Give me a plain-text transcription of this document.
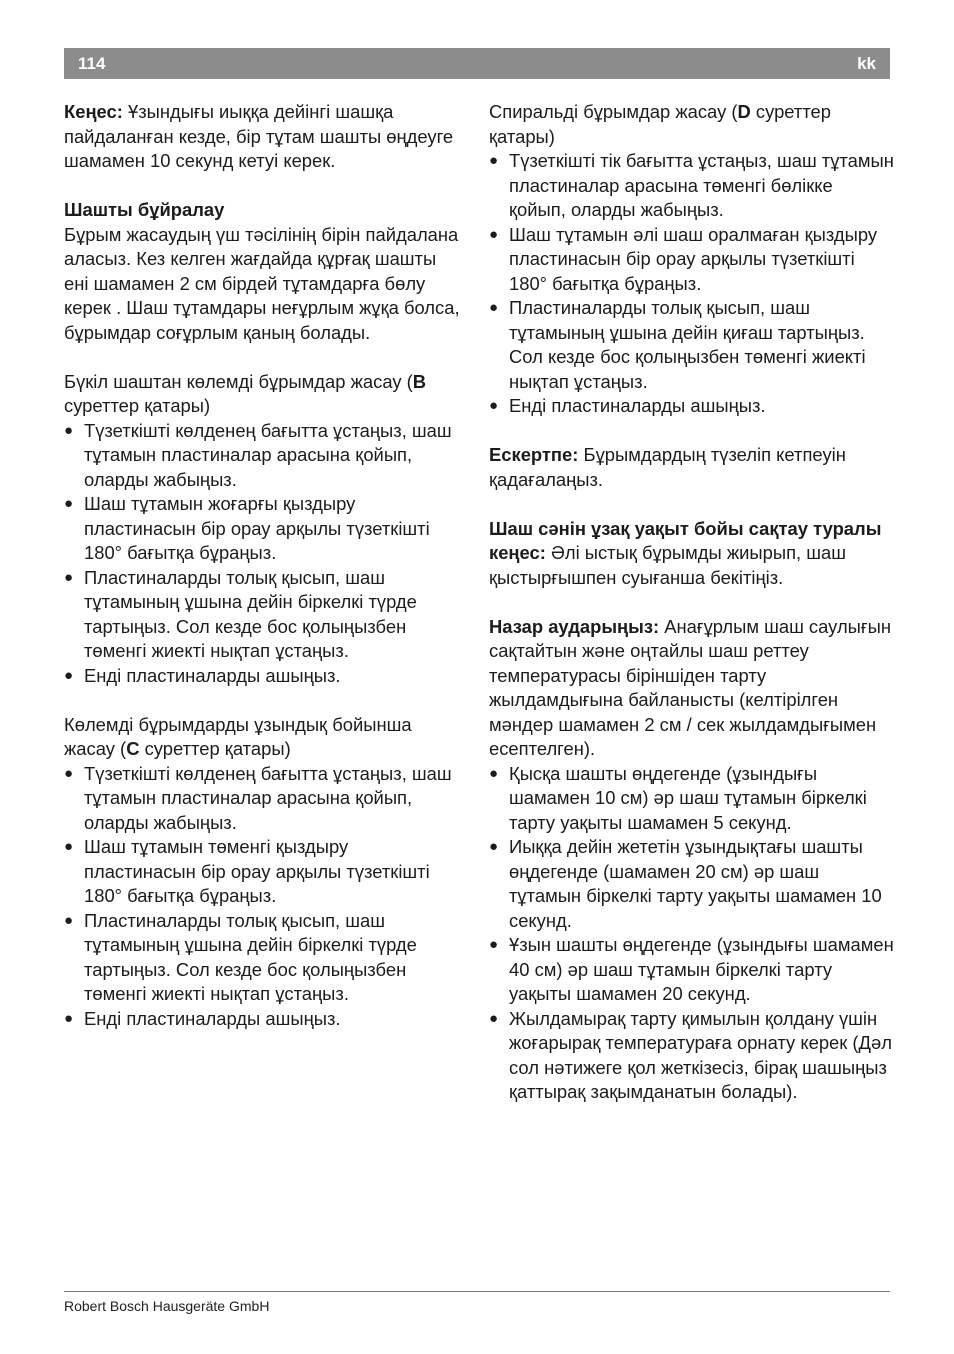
114	kk

Кеңес: Ұзындығы иыққа дейінгі шашқа пайдаланған кезде, бір тұтам шашты өңдеуге шамамен 10 секунд кетуі керек.

Шашты бұйралау

Бұрым жасаудың үш тәсілінің бірін пайдалана аласыз. Кез келген жағдайда құрғақ шашты ені шамамен 2 см бірдей тұтамдарға бөлу керек . Шаш тұтамдары неғұрлым жұқа болса, бұрымдар соғұрлым қаның болады.

Бүкіл шаштан көлемді бұрымдар жасау (B суреттер қатары)

● Түзеткішті көлденең бағытта ұстаңыз, шаш тұтамын пластиналар арасына қойып, оларды жабыңыз.

● Шаш тұтамын жоғарғы қыздыру пластинасын бір орау арқылы түзеткішті 180° бағытқа бұраңыз.

● Пластиналарды толық қысып, шаш тұтамының ұшына дейін біркелкі түрде тартыңыз. Сол кезде бос қолыңызбен төменгі жиекті нықтап ұстаңыз.

● Енді пластиналарды ашыңыз.

Көлемді бұрымдарды ұзындық бойынша жасау (C суреттер қатары)

● Түзеткішті көлденең бағытта ұстаңыз, шаш тұтамын пластиналар арасына қойып, оларды жабыңыз.

● Шаш тұтамын төменгі қыздыру пластинасын бір орау арқылы түзеткішті 180° бағытқа бұраңыз.

● Пластиналарды толық қысып, шаш тұтамының ұшына дейін біркелкі түрде тартыңыз. Сол кезде бос қолыңызбен төменгі жиекті нықтап ұстаңыз.

● Енді пластиналарды ашыңыз.

Спиральді бұрымдар жасау (D суреттер қатары)

● Түзеткішті тік бағытта ұстаңыз, шаш тұтамын пластиналар арасына төменгі бөлікке қойып, оларды жабыңыз.

● Шаш тұтамын әлі шаш оралмаған қыздыру пластинасын бір орау арқылы түзеткішті 180° бағытқа бұраңыз.

● Пластиналарды толық қысып, шаш тұтамының ұшына дейін қиғаш тартыңыз. Сол кезде бос қолыңызбен төменгі жиекті нықтап ұстаңыз.

● Енді пластиналарды ашыңыз.

Ескертпе: Бұрымдардың түзеліп кетпеуін қадағалаңыз.

Шаш сәнін ұзақ уақыт бойы сақтау туралы кеңес: Әлі ыстық бұрымды жиырып, шаш қыстырғышпен суығанша бекітіңіз.

Назар аударыңыз: Анағұрлым шаш саулығын сақтайтын және оңтайлы шаш реттеу температурасы біріншіден тарту жылдамдығына байланысты (келтірілген мәндер шамамен 2 см / сек жылдамдығымен есептелген).

● Қысқа шашты өңдегенде (ұзындығы шамамен 10 см) әр шаш тұтамын біркелкі тарту уақыты шамамен 5 секунд.

● Иыққа дейін жететін ұзындықтағы шашты өңдегенде (шамамен 20 см) әр шаш тұтамын біркелкі тарту уақыты шамамен 10 секунд.

● Ұзын шашты өңдегенде (ұзындығы шамамен 40 см) әр шаш тұтамын біркелкі тарту уақыты шамамен 20 секунд.

● Жылдамырақ тарту қимылын қолдану үшін жоғарырақ температураға орнату керек (Дәл сол нәтижеге қол жеткізесіз, бірақ шашыңыз қаттырақ зақымданатын болады).

Robert Bosch Hausgeräte GmbH
